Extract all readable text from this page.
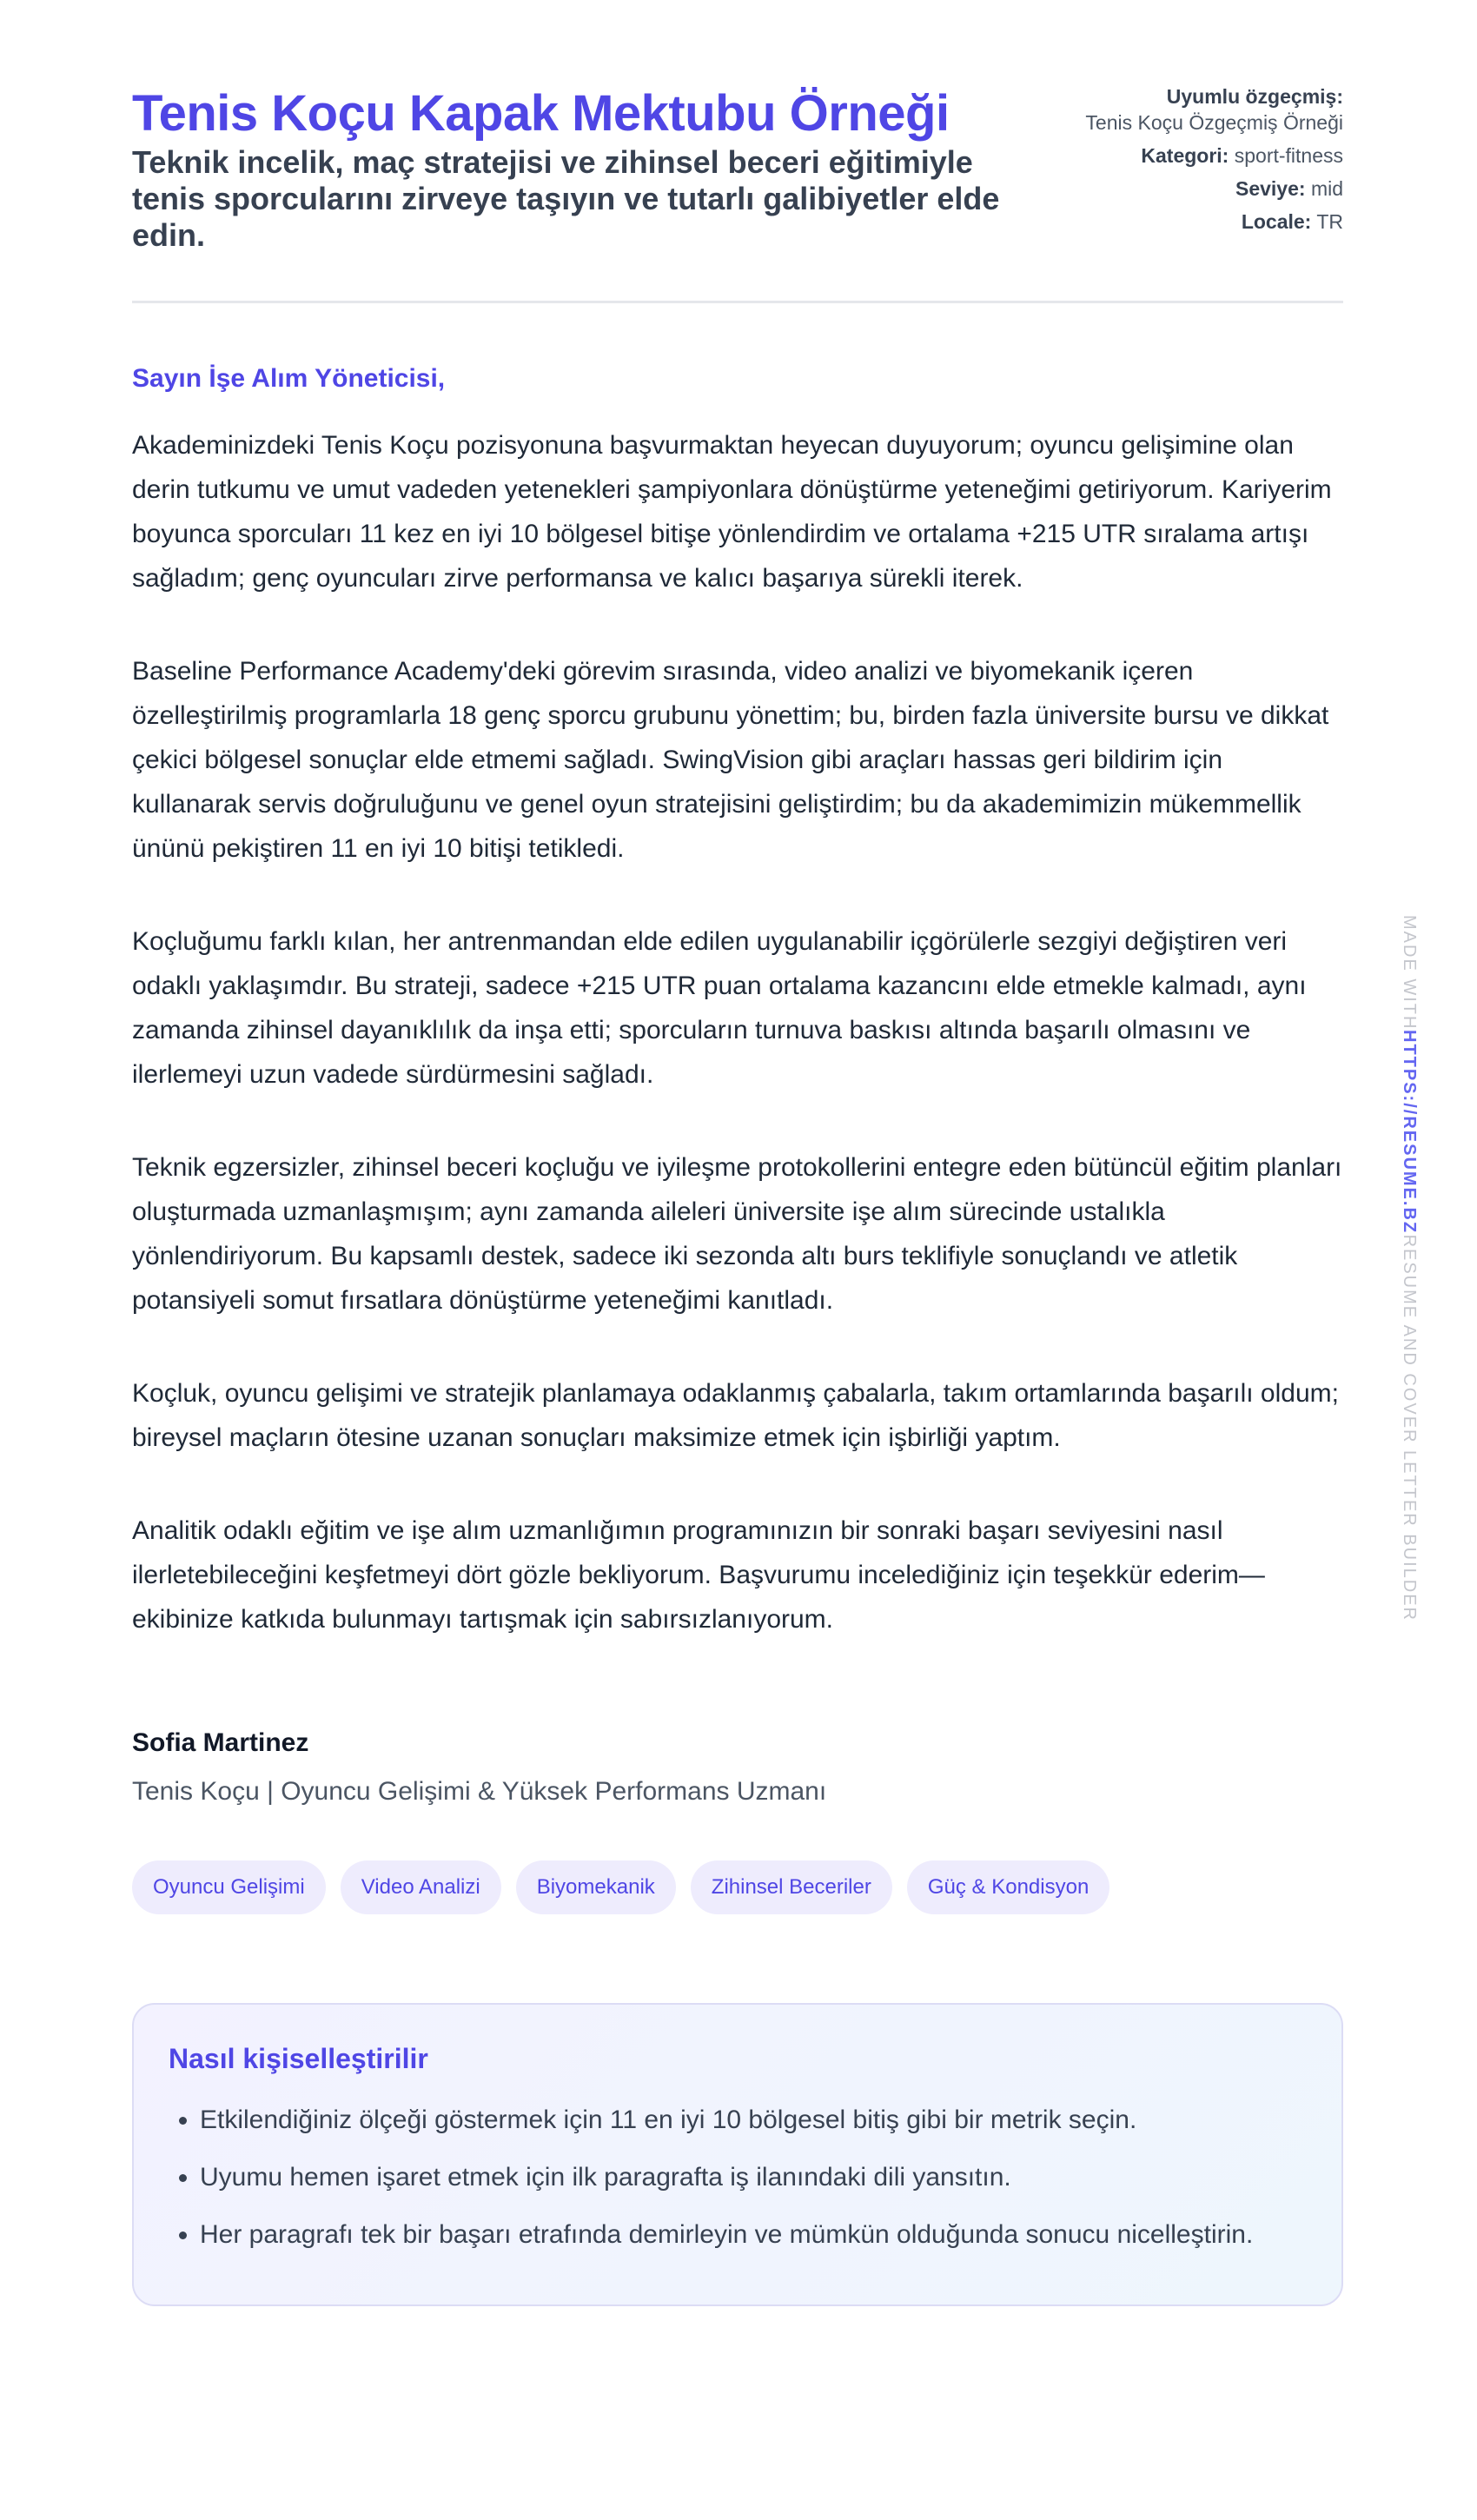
Tenis Koçu Kapak Mektubu Örneği

Teknik incelik, maç stratejisi ve zihinsel beceri eğitimiyle tenis sporcularını zirveye taşıyın ve tutarlı galibiyetler elde edin.

Uyumlu özgeçmiş:
Tenis Koçu Özgeçmiş Örneği
Kategori: sport-fitness
Seviye: mid
Locale: TR
Sayın İşe Alım Yöneticisi,

Akademinizdeki Tenis Koçu pozisyonuna başvurmaktan heyecan duyuyorum; oyuncu gelişimine olan derin tutkumu ve umut vadeden yetenekleri şampiyonlara dönüştürme yeteneğimi getiriyorum. Kariyerim boyunca sporcuları 11 kez en iyi 10 bölgesel bitişe yönlendirdim ve ortalama +215 UTR sıralama artışı sağladım; genç oyuncuları zirve performansa ve kalıcı başarıya sürekli iterek.

Baseline Performance Academy'deki görevim sırasında, video analizi ve biyomekanik içeren özelleştirilmiş programlarla 18 genç sporcu grubunu yönettim; bu, birden fazla üniversite bursu ve dikkat çekici bölgesel sonuçlar elde etmemi sağladı. SwingVision gibi araçları hassas geri bildirim için kullanarak servis doğruluğunu ve genel oyun stratejisini geliştirdim; bu da akademimizin mükemmellik ününü pekiştiren 11 en iyi 10 bitişi tetikledi.

Koçluğumu farklı kılan, her antrenmandan elde edilen uygulanabilir içgörülerle sezgiyi değiştiren veri odaklı yaklaşımdır. Bu strateji, sadece +215 UTR puan ortalama kazancını elde etmekle kalmadı, aynı zamanda zihinsel dayanıklılık da inşa etti; sporcuların turnuva baskısı altında başarılı olmasını ve ilerlemeyi uzun vadede sürdürmesini sağladı.

Teknik egzersizler, zihinsel beceri koçluğu ve iyileşme protokollerini entegre eden bütüncül eğitim planları oluşturmada uzmanlaşmışım; aynı zamanda aileleri üniversite işe alım sürecinde ustalıkla yönlendiriyorum. Bu kapsamlı destek, sadece iki sezonda altı burs teklifiyle sonuçlandı ve atletik potansiyeli somut fırsatlara dönüştürme yeteneğimi kanıtladı.

Koçluk, oyuncu gelişimi ve stratejik planlamaya odaklanmış çabalarla, takım ortamlarında başarılı oldum; bireysel maçların ötesine uzanan sonuçları maksimize etmek için işbirliği yaptım.

Analitik odaklı eğitim ve işe alım uzmanlığımın programınızın bir sonraki başarı seviyesini nasıl ilerletebileceğini keşfetmeyi dört gözle bekliyorum. Başvurumu incelediğiniz için teşekkür ederim—ekibinize katkıda bulunmayı tartışmak için sabırsızlanıyorum.

Sofia Martinez
Tenis Koçu | Oyuncu Gelişimi & Yüksek Performans Uzmanı
Oyuncu Gelişimi	Video Analizi	Biyomekanik	Zihinsel Beceriler	Güç & Kondisyon
Nasıl kişiselleştirilir
• Etkilendiğiniz ölçeği göstermek için 11 en iyi 10 bölgesel bitiş gibi bir metrik seçin.
• Uyumu hemen işaret etmek için ilk paragrafta iş ilanındaki dili yansıtın.
• Her paragrafı tek bir başarı etrafında demirleyin ve mümkün olduğunda sonucu nicelleştirin.
MADE WITHHTTPS://RESUME.BZRESUME AND COVER LETTER BUILDER
